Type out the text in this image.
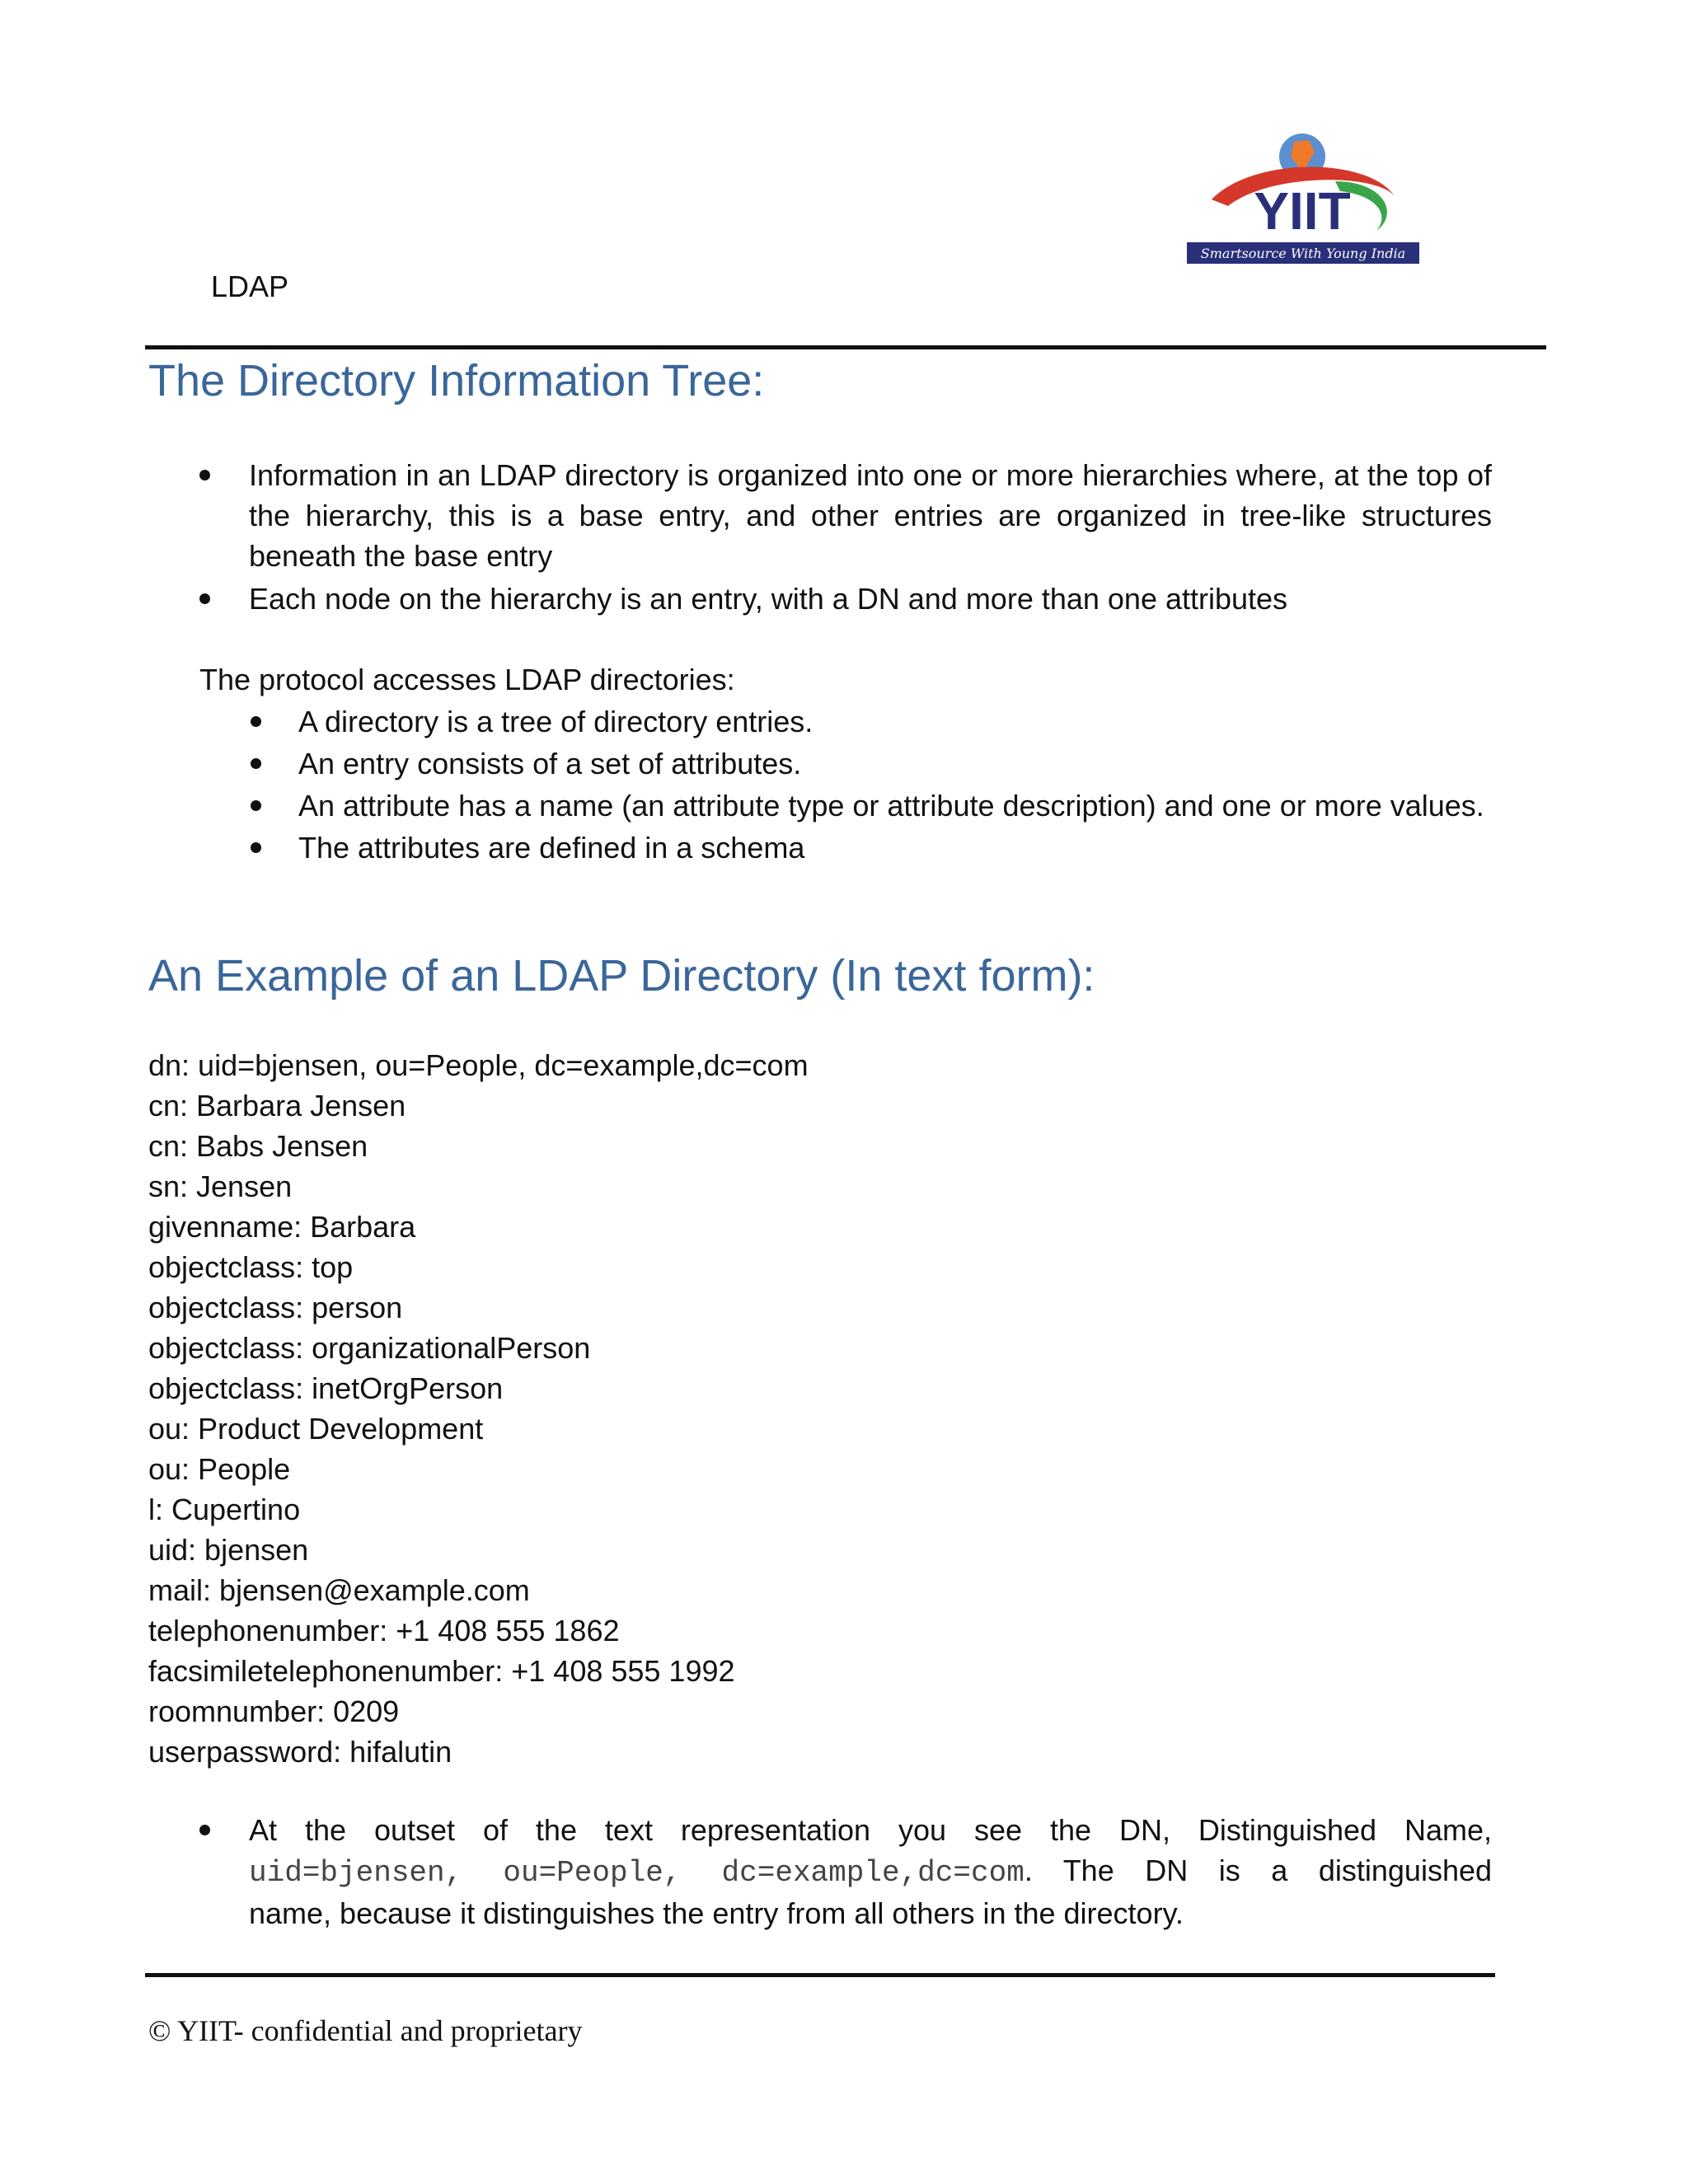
LDAP
YIIT
Smartsource With Young India
The Directory Information Tree:
Information in an LDAP directory is organized into one or more hierarchies where, at the top of the hierarchy, this is a base entry, and other entries are organized in tree-like structures beneath the base entry
Each node on the hierarchy is an entry, with a DN and more than one attributes
The protocol accesses LDAP directories:
A directory is a tree of directory entries.
An entry consists of a set of attributes.
An attribute has a name (an attribute type or attribute description) and one or more values.
The attributes are defined in a schema
An Example of an LDAP Directory (In text form):
dn: uid=bjensen, ou=People, dc=example,dc=com
cn: Barbara Jensen
cn: Babs Jensen
sn: Jensen
givenname: Barbara
objectclass: top
objectclass: person
objectclass: organizationalPerson
objectclass: inetOrgPerson
ou: Product Development
ou: People
l: Cupertino
uid: bjensen
mail: bjensen@example.com
telephonenumber: +1 408 555 1862
facsimiletelephonenumber: +1 408 555 1992
roomnumber: 0209
userpassword: hifalutin
At the outset of the text representation you see the DN, Distinguished Name,
uid=bjensen, ou=People, dc=example,dc=com. The DN is a distinguished
name, because it distinguishes the entry from all others in the directory.
© YIIT- confidential and proprietary
